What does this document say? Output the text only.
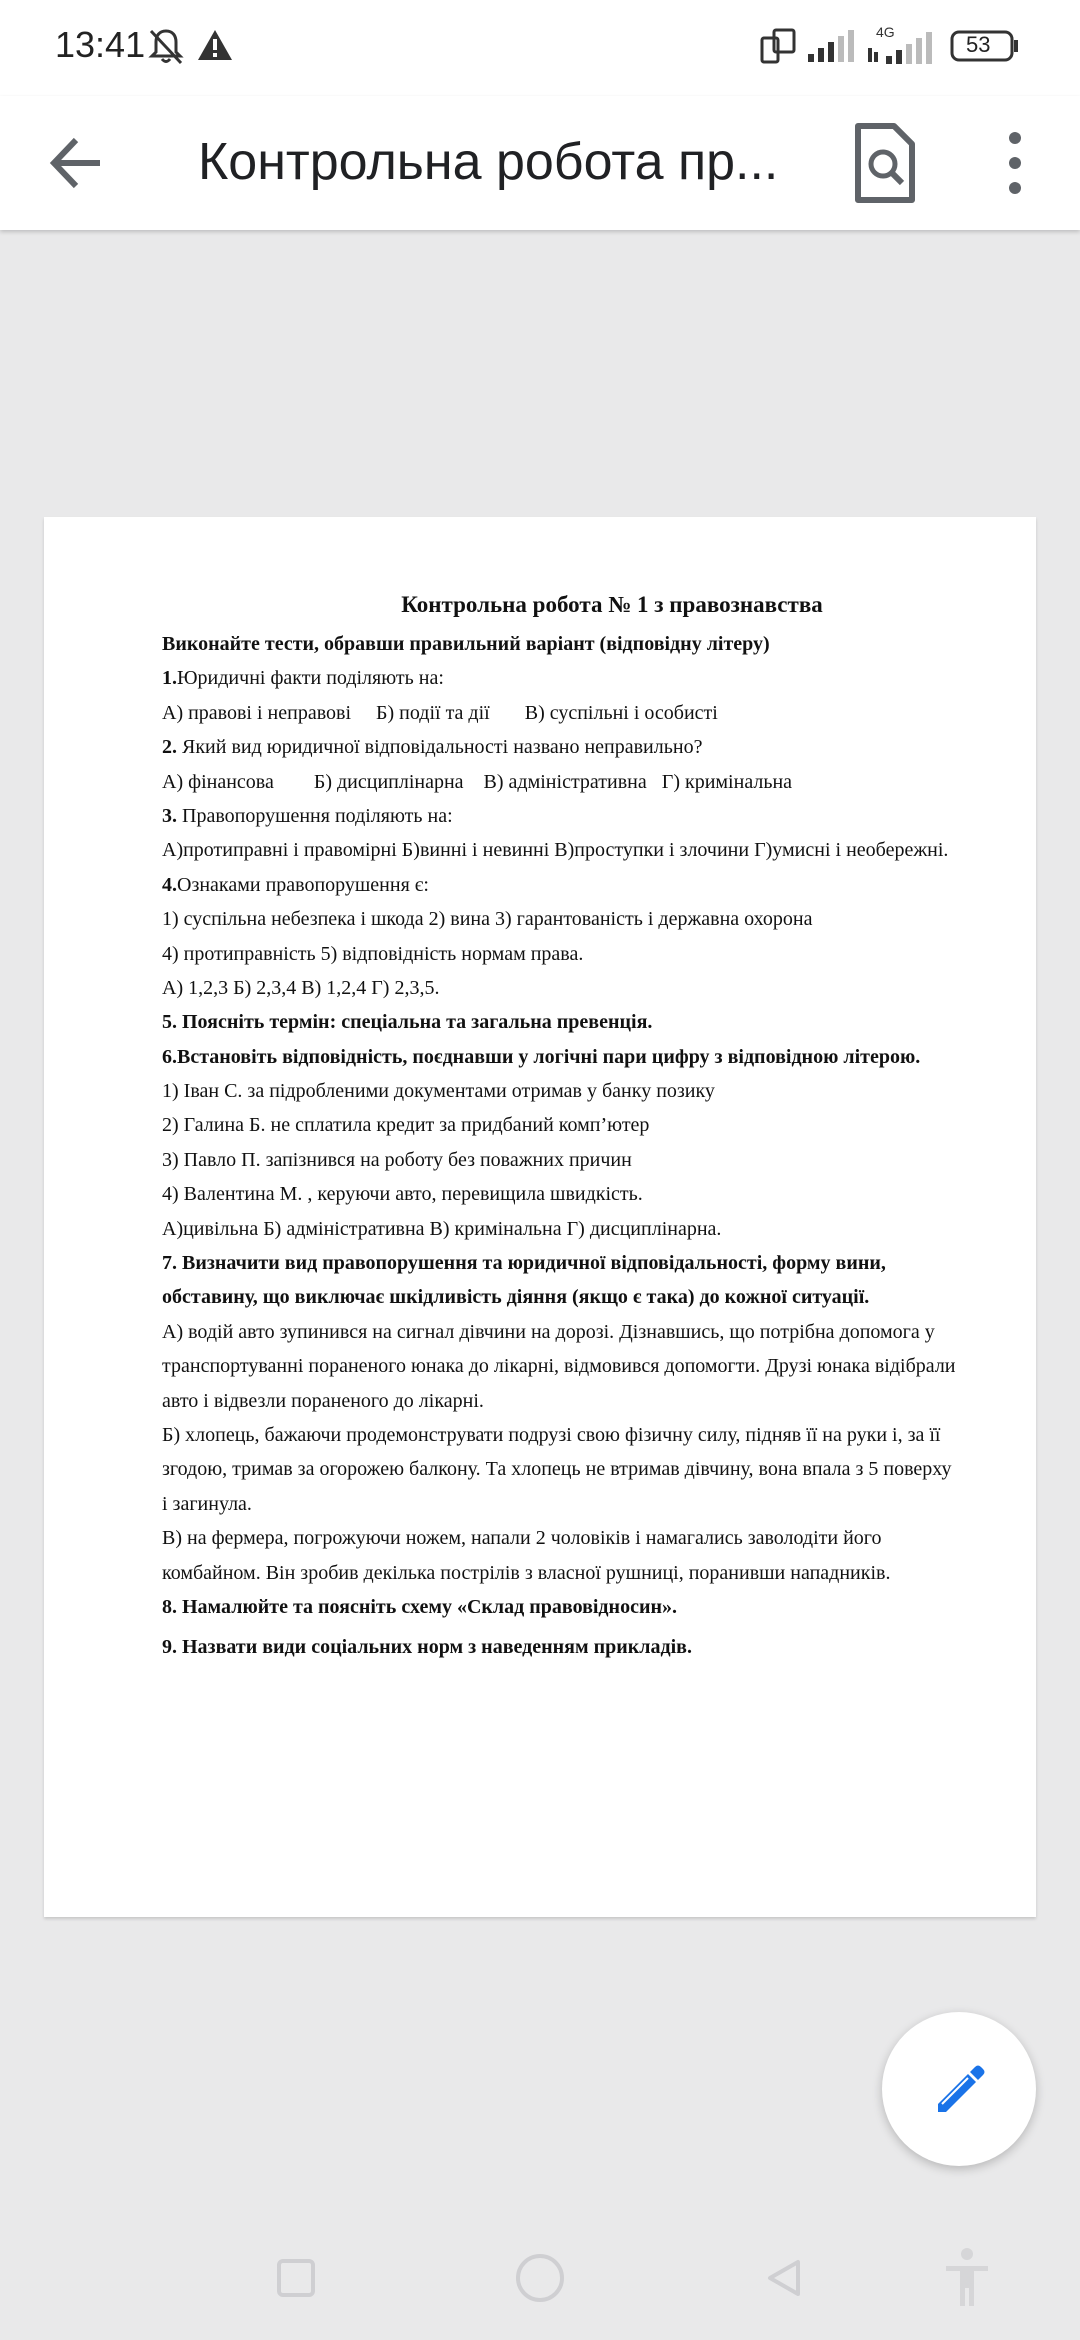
13:41	4G	53
Контрольна робота пр...
Контрольна робота № 1 з правознавства
Виконайте тести, обравши правильний варіант (відповідну літеру)
1.Юридичні факти поділяють на:
А) правові і неправові     Б) події та дії       В) суспільні і особисті
2. Який вид юридичної відповідальності названо неправильно?
А) фінансова        Б) дисциплінарна    В) адміністративна   Г) кримінальна
3. Правопорушення поділяють на:
А)протиправні і правомірні Б)винні і невинні В)проступки і злочини Г)умисні і необережні.
4.Ознаками правопорушення є:
1) суспільна небезпека і шкода 2) вина 3) гарантованість і державна охорона
4) протиправність 5) відповідність нормам права.
А) 1,2,3 Б) 2,3,4 В) 1,2,4 Г) 2,3,5.
5. Поясніть термін: спеціальна та загальна превенція.
6.Встановіть відповідність, поєднавши у логічні пари цифру з відповідною літерою.
1) Іван С. за підробленими документами отримав у банку позику
2) Галина Б. не сплатила кредит за придбаний комп’ютер
3) Павло П. запізнився на роботу без поважних причин
4) Валентина М. , керуючи авто, перевищила швидкість.
А)цивільна Б) адміністративна В) кримінальна Г) дисциплінарна.
7. Визначити вид правопорушення та юридичної відповідальності, форму вини,
обставину, що виключає шкідливість діяння (якщо є така) до кожної ситуації.
А) водій авто зупинився на сигнал дівчини на дорозі. Дізнавшись, що потрібна допомога у
транспортуванні пораненого юнака до лікарні, відмовився допомогти. Друзі юнака відібрали
авто і відвезли пораненого до лікарні.
Б) хлопець, бажаючи продемонструвати подрузі свою фізичну силу, підняв її на руки і, за її
згодою, тримав за огорожею балкону. Та хлопець не втримав дівчину, вона впала з 5 поверху
і загинула.
В) на фермера, погрожуючи ножем, напали 2 чоловіків і намагались заволодіти його
комбайном. Він зробив декілька пострілів з власної рушниці, поранивши нападників.
8. Намалюйте та поясніть схему «Склад правовідносин».
9. Назвати види соціальних норм з наведенням прикладів.
